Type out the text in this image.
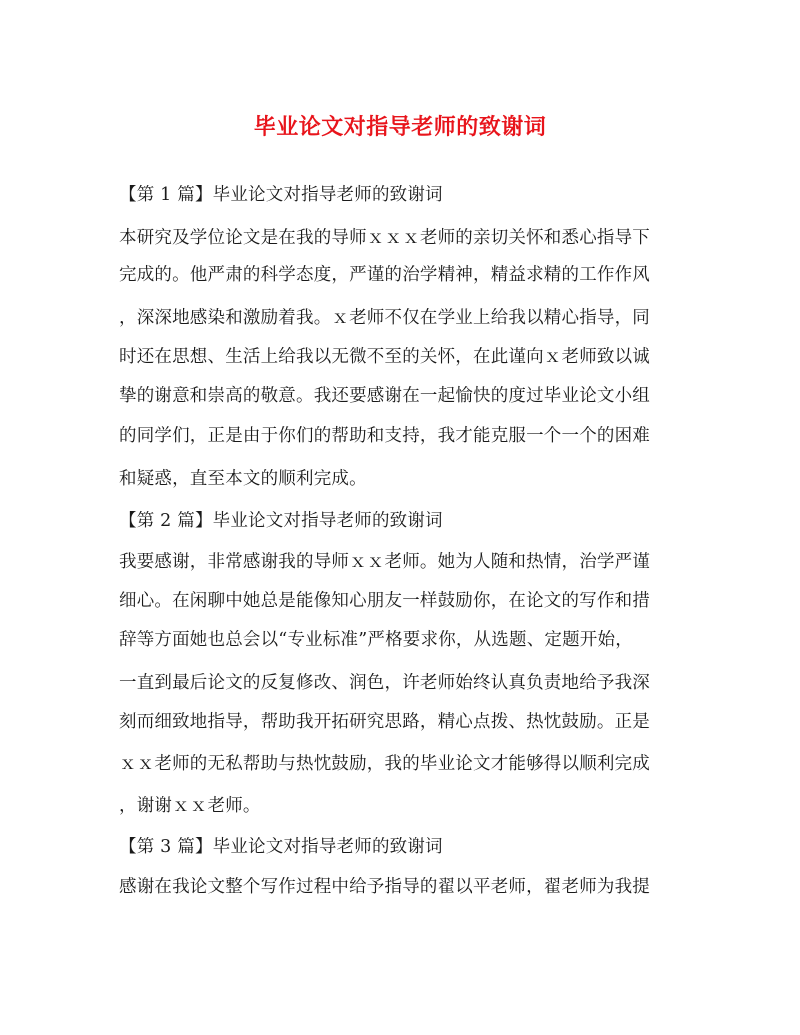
毕业论文对指导老师的致谢词
【第 1 篇】毕业论文对指导老师的致谢词
本研究及学位论文是在我的导师ｘｘｘ老师的亲切关怀和悉心指导下
完成的。他严肃的科学态度，严谨的治学精神，精益求精的工作作风
，深深地感染和激励着我。ｘ老师不仅在学业上给我以精心指导，同
时还在思想、生活上给我以无微不至的关怀，在此谨向ｘ老师致以诚
挚的谢意和崇高的敬意。我还要感谢在一起愉快的度过毕业论文小组
的同学们，正是由于你们的帮助和支持，我才能克服一个一个的困难
和疑惑，直至本文的顺利完成。
【第 2 篇】毕业论文对指导老师的致谢词
我要感谢，非常感谢我的导师ｘｘ老师。她为人随和热情，治学严谨
细心。在闲聊中她总是能像知心朋友一样鼓励你，在论文的写作和措
辞等方面她也总会以“专业标准”严格要求你，从选题、定题开始，
一直到最后论文的反复修改、润色，许老师始终认真负责地给予我深
刻而细致地指导，帮助我开拓研究思路，精心点拨、热忱鼓励。正是
ｘｘ老师的无私帮助与热忱鼓励，我的毕业论文才能够得以顺利完成
，谢谢ｘｘ老师。
【第 3 篇】毕业论文对指导老师的致谢词
感谢在我论文整个写作过程中给予指导的翟以平老师，翟老师为我提
